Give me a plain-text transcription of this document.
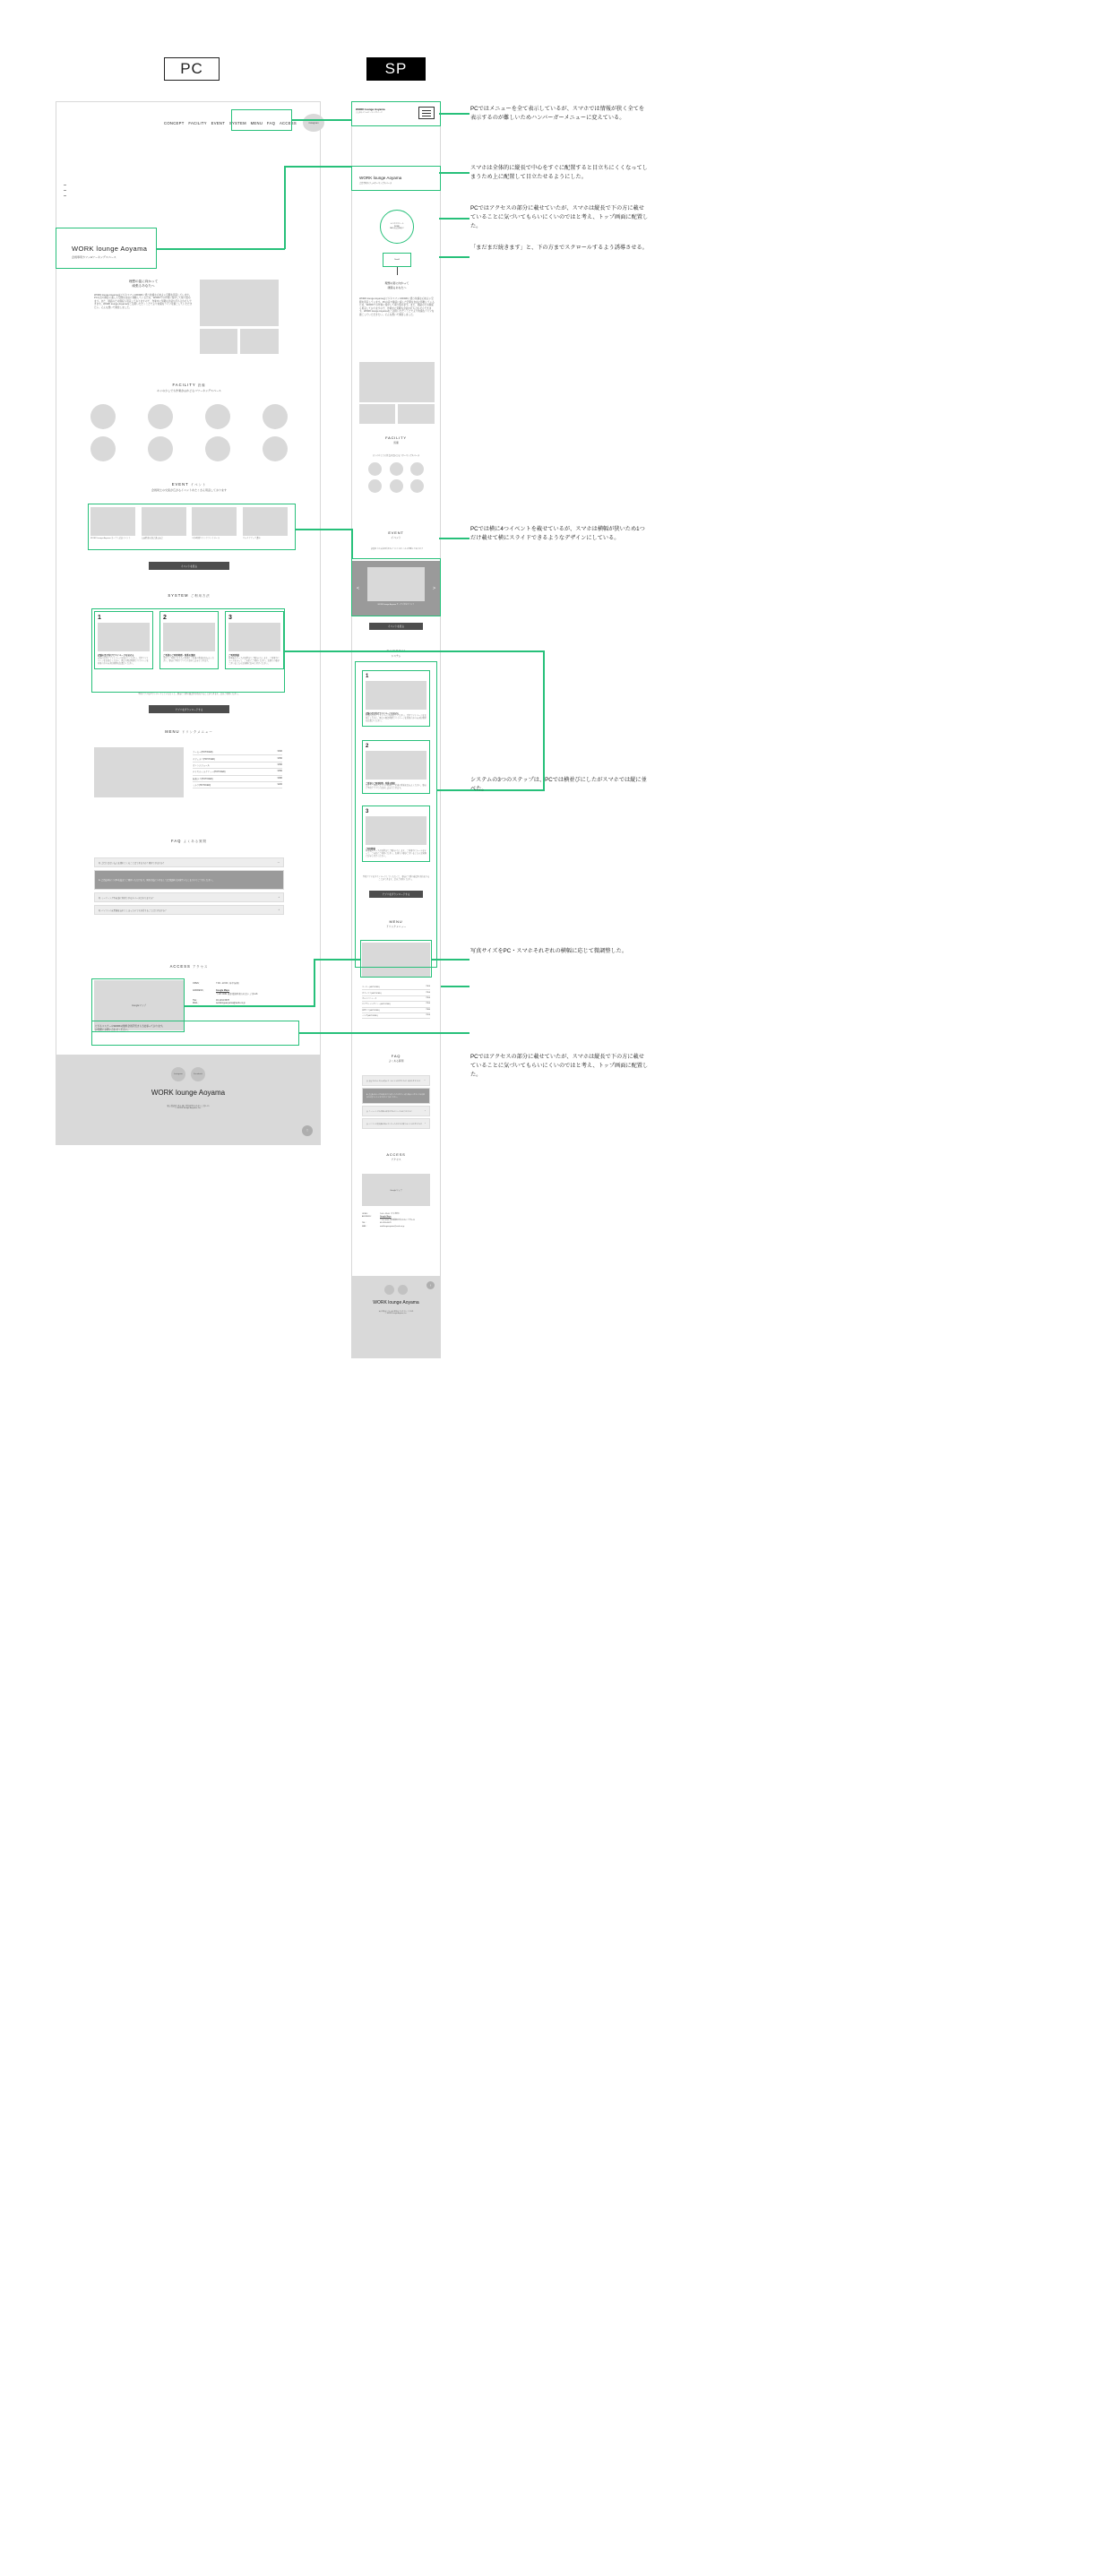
PC	SP
CONCEPT FACILITY EVENT SYSTEM MENU FAQ ACCESS	instagram
WORK lounge Aoyama
会員専用カフェ&ワーキングスペース
理想の姿に向かって
頑張るあなたへ
WORK lounge Aoyamaはビジネスマン×WORKに通う快適な心地よい空間を用意しています。PCの音や静音に適した空間を自由に移動しているため、WORKでの作業に集中して取り組めます。また、通話のため個室も用意しておりますので、作業中に気軽な会話や打ち合わせもできます。WORK lounge Aoyamaをご活用いただくことでより快適なライフを過ごしていただきたい。そんな想いで運営しました。
FACILITY 設備
ホンの少しでも作業がはかどるコワーキングスペース
EVENT イベント
会員同士の交流が広がるイベントをたくさん用意しております
WORK lounge Aoyama オープン記念イベント	交流飲食店舗会議交流会	1日4時間マインドコントロール	キャリアアップ講座
イベントを見る
SYSTEM ご利用方法
1
店舗の受け付けでマイページを見せる
店舗の受付にてマイページを見せてください。受付でマイページをお見せください。面会の際は残席でマイページを利用の方のみ予約席席をお選びください。
2
ご希望のご利用時間・席番を選択
受付でご利用になりたい時間とご希望の席番をお伝えください。事前に専用アプリでのお申し込みもできます。
3
ご利用開始
利用後スタッフがお席までご案内いたします。ご利用中にルールを守って、ご自由にご利用ください。お困りの事がございましたらお気軽にお申し付けください。
専用アプリをダウンロードしていただくと、事前に空席の確認や予約をすることができます。是非ご利用ください。
アプリをダウンロードする
MENU ドリンクメニュー
コーヒー(HOT/ICED)	¥300
カフェラテ(HOT/ICED)	¥350
オレンジジュース	¥350
ロイヤルミルクティー(HOT/ICED)	¥350
抹茶ラテ(HOT/ICED)	¥380
ミルク(HOT/ICED)	¥200
FAQ よくある質問
Q. 会員ではない友人を連れてくることはできますか？同伴できますか？	—
A. 会員様1名につき1名様までご同伴いただけます。同伴者様につきましては別途料金が発生いたしますのでご了承ください。
Q. ミーティングや商談に利用できるスペースはありますか？	+
Q. パソコンの充電器を忘れてしまったのですが借りることはできますか？	+
ACCESS アクセス
Googleマップ
OPEN：	7:00〜22:00（年中無休）
ADDRESS：	Google Maps
〒107-0061 東京都港区青山あおい丁目1-21
TEL：	03-1234-5678
MAIL：	worklongeaoyama@work.co.jp
Instagram	Facebook
WORK lounge Aoyama
東京都港区 青山 東京都港区青山あおい丁目1-21
© WORK lounge Aoyama, Inc.
↑
WORK lounge Aoyama
会員専用カフェ&ワーキングスペース
WORK lounge Aoyama
会員専用カフェ&ワーキングスペース
ビジネススクール
WORK
無料会員登録受付
Scroll
理想の姿に向かって
頑張るあなたへ
WORK lounge Aoyamaはビジネスマン×WORKに通う快適な心地よい空間を用意しています。PCの音や静音に適した空間を自由に移動しているため、WORKでの作業に集中して取り組めます。また、通話のため個室も用意しておりますので、作業中に気軽な会話や打ち合わせもできます。WORK lounge Aoyamaをご活用いただくことでより快適なライフを過ごしていただきたい。そんな想いで運営しました。
FACILITY
設備
ホンの少しでも作業がはかどるコワーキングスペース
EVENT
イベント
会員同士の交流が広がるイベントをたくさん用意しております
WORK lounge Aoyama オープン記念イベント
<	>
イベントを見る
システム
1
店舗の受け付けでマイページを見せる
店舗の受付にてマイページを見せてください。受付でマイページをお見せください。面会の際は残席でマイページを利用の方のみ予約席席をお選びください。
2
ご希望のご利用時間・席番を選択
受付でご利用になりたい時間とご希望の席番をお伝えください。事前に専用アプリでのお申し込みもできます。
3
ご利用開始
利用後スタッフがお席までご案内いたします。ご利用中にルールを守って、ご自由にご利用ください。お困りの事がございましたらお気軽にお申し付けください。
専用アプリをダウンロードしていただくと、事前に空席の確認や予約をすることができます。是非ご利用ください。
アプリをダウンロードする
MENU
ドリンクメニュー
コーヒー(HOT/ICED)	¥300
カフェラテ(HOT/ICED)	¥350
オレンジジュース	¥350
ロイヤルミルクティー(HOT/ICED)	¥350
抹茶ラテ(HOT/ICED)	¥380
ミルク(HOT/ICED)	¥200
FAQ
よくある質問
Q. 会員ではない友人を連れてくることはできますか？同伴できますか？ —
A. 会員様1名につき1名様までご同伴いただけます。同伴者様につきましては別途料金が発生いたしますのでご了承ください。
Q. ミーティングや商談に利用できるスペースはありますか？	+
Q. パソコンの充電器を忘れてしまったのですが借りることはできますか？ +
ACCESS
アクセス
Googleマップ
OPEN：	7:00〜22:00（年中無休）
ADDRESS：	Google Maps
〒107-0061 東京都港区青山あおい丁目1-21
TEL：	03-1234-5678
MAIL：	worklongeaoyama@work.co.jp
WORK lounge Aoyama
東京都港区 青山 東京都港区青山あおい丁目1-21
© WORK lounge Aoyama, Inc.
↑
PCではメニューを全て表示しているが、スマホでは情報が狭く全てを表示するのが難しいためハンバーガーメニューに変えている。
スマホは全体的に縦長で中心をすぐに配置すると目立ちにくくなってしまうため上に配置して目立たせるようにした。
PCではアクセスの部分に載せていたが、スマホは縦長で下の方に載せていることに気づいてもらいにくいのではと考え、トップ画面に配置した。
「まだまだ続きます」と、下の方までスクロールするよう誘導させる。
PCでは横に4つイベントを載せているが、スマホは横幅が狭いため1つだけ載せて横にスライドできるようなデザインにしている。
システムの3つのステップは、PCでは横並びにしたがスマホでは縦に並べた。
写真サイズをPC・スマホそれぞれの横幅に応じて微調整した。
ビジネススクールWORKの無料会員手続きも当社承っております。
お気軽にお問い合わせください。
PCではアクセスの部分に載せていたが、スマホは縦長で下の方に載せていることに気づいてもらいにくいのではと考え、トップ画面に配置した。
